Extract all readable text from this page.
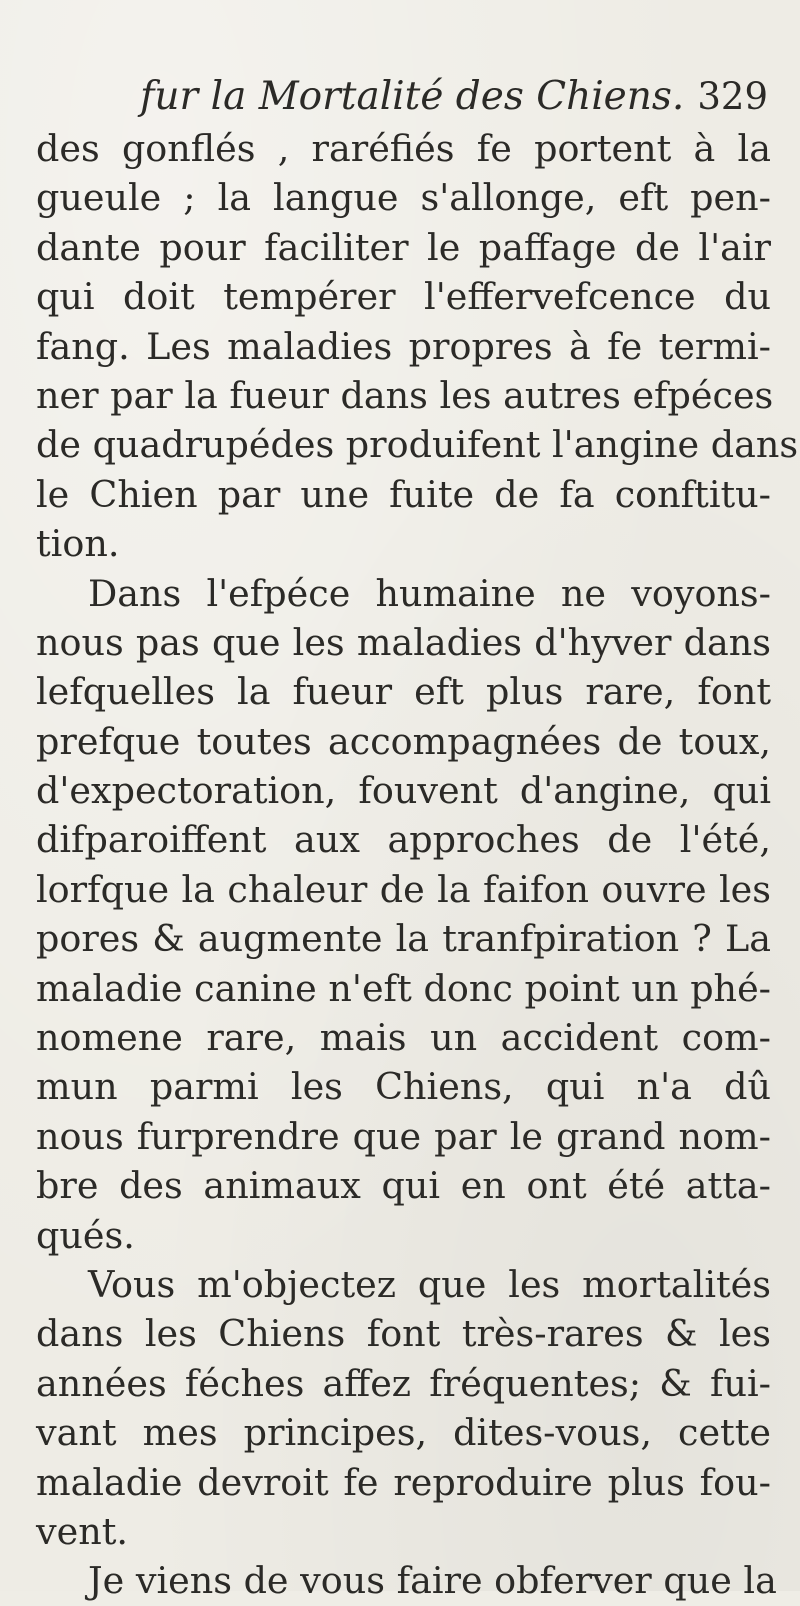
fur la Mortalité des Chiens. 329
des gonflés , raréfiés fe portent à la
gueule ; la langue s'allonge, eft pen-
dante pour faciliter le paffage de l'air
qui doit tempérer l'effervefcence du
fang. Les maladies propres à fe termi-
ner par la fueur dans les autres efpéces
de quadrupédes produifent l'angine dans
le Chien par une fuite de fa conftitu-
tion.
Dans l'efpéce humaine ne voyons-
nous pas que les maladies d'hyver dans
lefquelles la fueur eft plus rare, font
prefque toutes accompagnées de toux,
d'expectoration, fouvent d'angine, qui
difparoiffent aux approches de l'été,
lorfque la chaleur de la faifon ouvre les
pores & augmente la tranfpiration ? La
maladie canine n'eft donc point un phé-
nomene rare, mais un accident com-
mun parmi les Chiens, qui n'a dû
nous furprendre que par le grand nom-
bre des animaux qui en ont été atta-
qués.
Vous m'objectez que les mortalités
dans les Chiens font très-rares & les
années féches affez fréquentes; & fui-
vant mes principes, dites-vous, cette
maladie devroit fe reproduire plus fou-
vent.
Je viens de vous faire obferver que la
